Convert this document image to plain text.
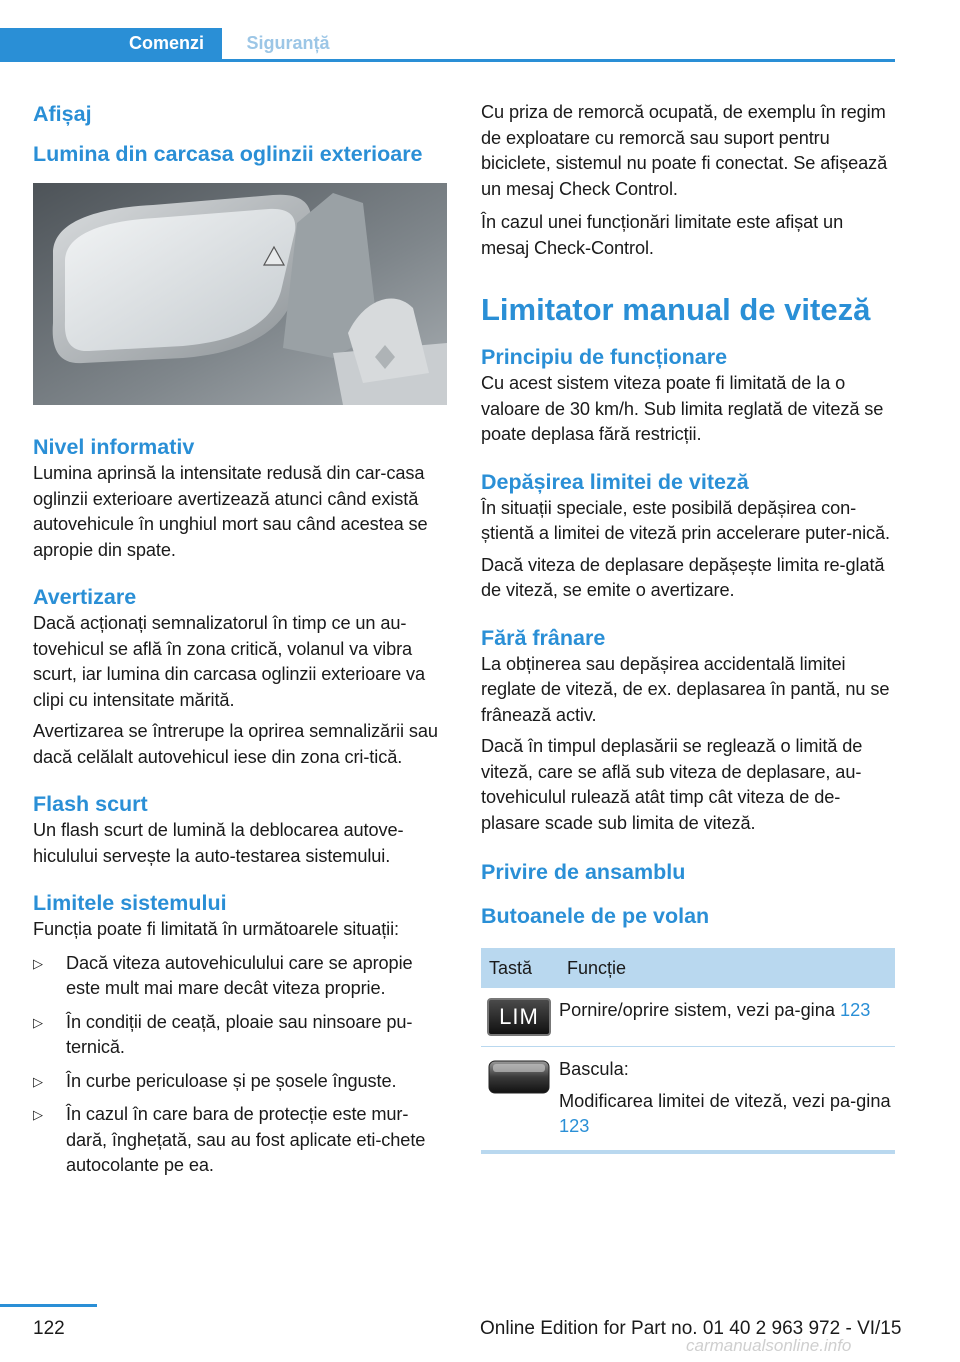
Comenzi	Siguranță
Afișaj
Lumina din carcasa oglinzii exterioare
Nivel informativ

Lumina aprinsă la intensitate redusă din car‐casa oglinzii exterioare avertizează atunci când există autovehicule în unghiul mort sau când acestea se apropie din spate.

Avertizare

Dacă acționați semnalizatorul în timp ce un au‐tovehicul se află în zona critică, volanul va vibra scurt, iar lumina din carcasa oglinzii exterioare va clipi cu intensitate mărită.

Avertizarea se întrerupe la oprirea semnalizării sau dacă celălalt autovehicul iese din zona cri‐tică.

Flash scurt

Un flash scurt de lumină la deblocarea autove‐hiculului servește la auto-testarea sistemului.

Limitele sistemului

Funcția poate fi limitată în următoarele situații:

▷ Dacă viteza autovehiculului care se apropie este mult mai mare decât viteza proprie.
▷ În condiții de ceață, ploaie sau ninsoare pu‐ternică.
▷ În curbe periculoase și pe șosele înguste.
▷ În cazul în care bara de protecție este mur‐dară, înghețată, sau au fost aplicate eti‐chete autocolante pe ea.

Cu priza de remorcă ocupată, de exemplu în regim de exploatare cu remorcă sau suport pentru biciclete, sistemul nu poate fi conectat. Se afișează un mesaj Check Control.

În cazul unei funcționări limitate este afișat un mesaj Check-Control.

Limitator manual de viteză
Principiu de funcționare

Cu acest sistem viteza poate fi limitată de la o valoare de 30 km/h. Sub limita reglată de viteză se poate deplasa fără restricții.

Depășirea limitei de viteză

În situații speciale, este posibilă depășirea con‐știentă a limitei de viteză prin accelerare puter‐nică.

Dacă viteza de deplasare depășește limita re‐glată de viteză, se emite o avertizare.

Fără frânare

La obținerea sau depășirea accidentală limitei reglate de viteză, de ex. deplasarea în pantă, nu se frânează activ.

Dacă în timpul deplasării se reglează o limită de viteză, care se află sub viteza de deplasare, au‐tovehiculul rulează atât timp cât viteza de de‐plasare scade sub limita de viteză.

Privire de ansamblu
Butoanele de pe volan
Tastă	Funcție

LIM	Pornire/oprire sistem, vezi pa‐gina 123

Bascula:
Modificarea limitei de viteză, vezi pa‐gina 123
122	Online Edition for Part no. 01 40 2 963 972 - VI/15
carmanualsonline.info
